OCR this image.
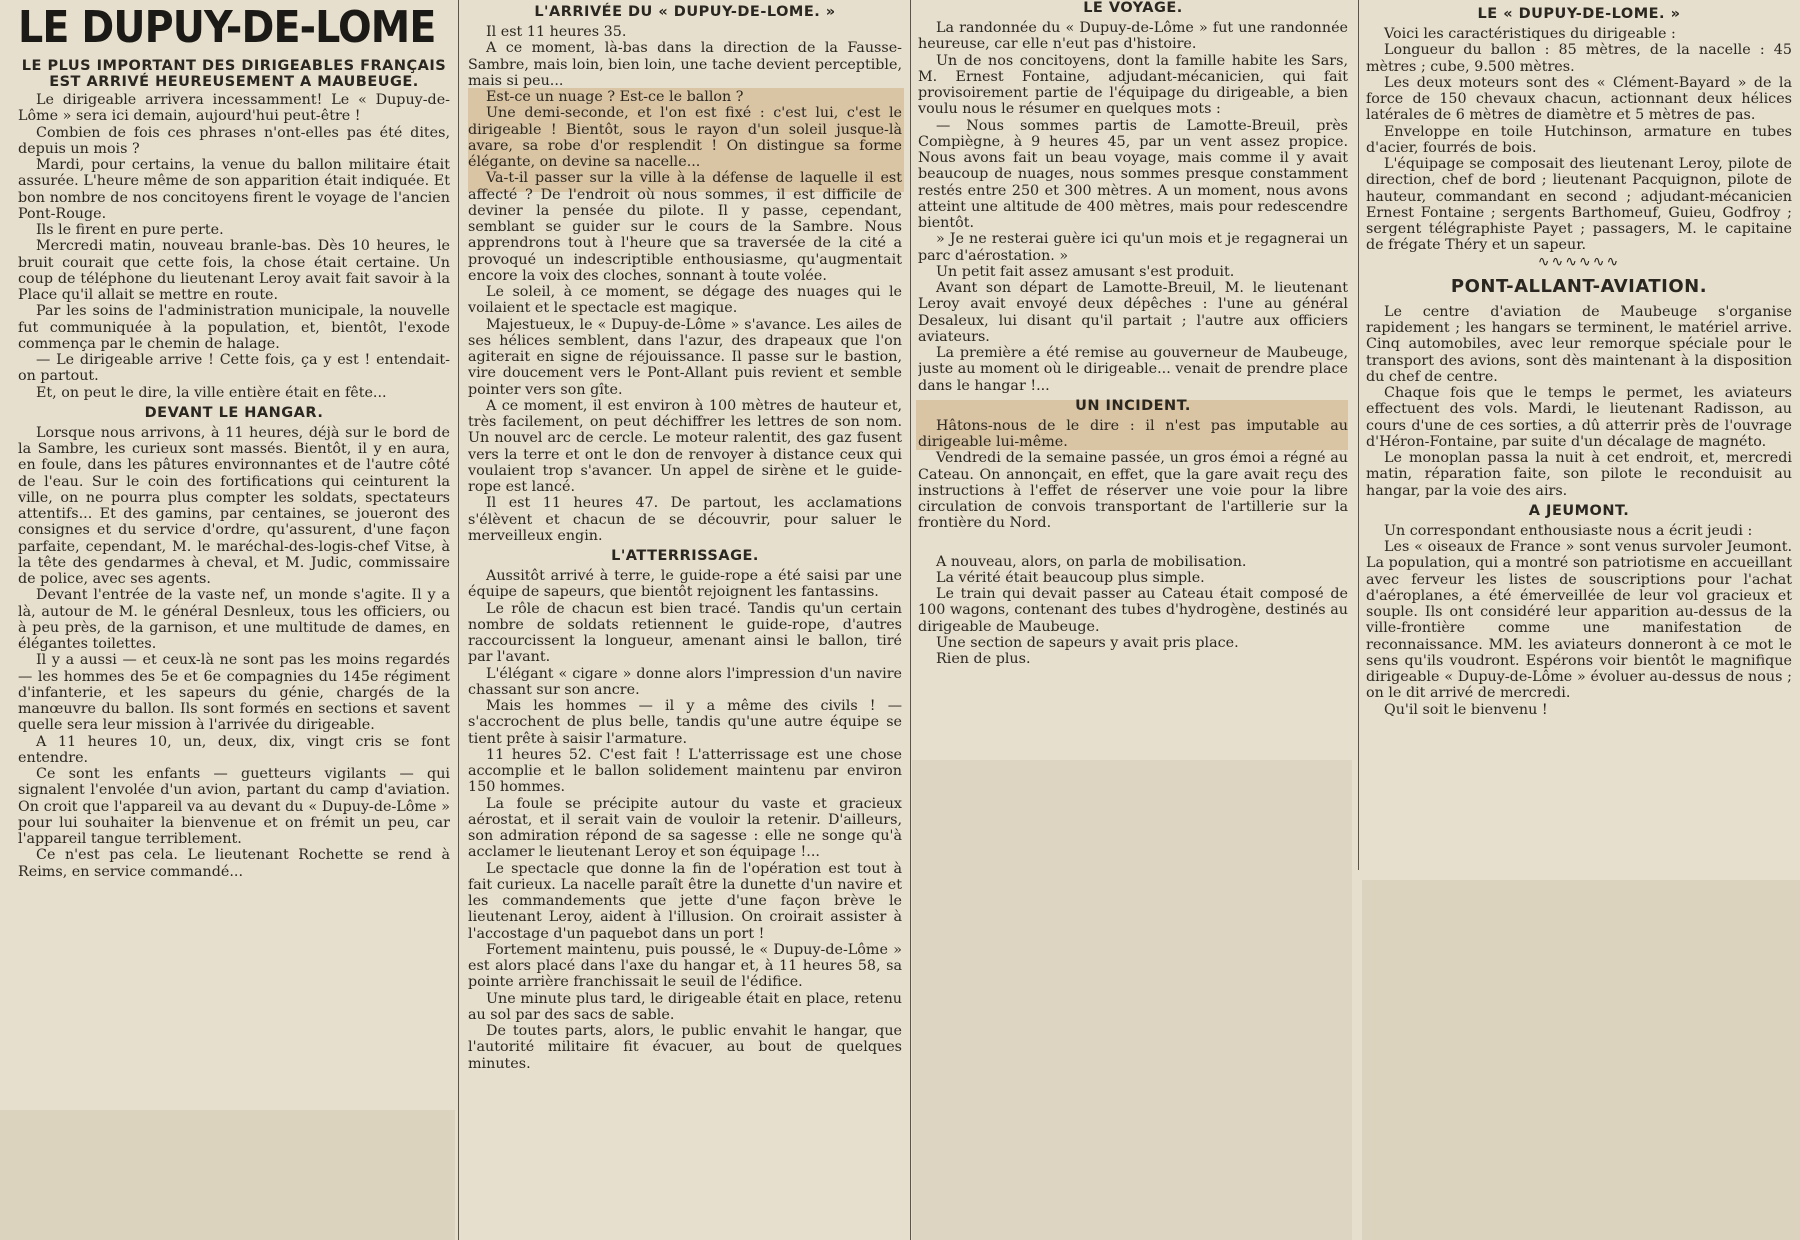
LE DUPUY-DE-LOME
LE PLUS IMPORTANT DES DIRIGEABLES FRANÇAIS EST ARRIVÉ HEUREUSEMENT A MAUBEUGE.

Le dirigeable arrivera incessamment! Le « Dupuy-de-Lôme » sera ici demain, aujourd'hui peut-être !

Combien de fois ces phrases n'ont-elles pas été dites, depuis un mois ?

Mardi, pour certains, la venue du ballon militaire était assurée. L'heure même de son apparition était indiquée. Et bon nombre de nos concitoyens firent le voyage de l'ancien Pont-Rouge.

Ils le firent en pure perte.

Mercredi matin, nouveau branle-bas. Dès 10 heures, le bruit courait que cette fois, la chose était certaine. Un coup de téléphone du lieutenant Leroy avait fait savoir à la Place qu'il allait se mettre en route.

Par les soins de l'administration municipale, la nouvelle fut communiquée à la population, et, bientôt, l'exode commença par le chemin de halage.

— Le dirigeable arrive ! Cette fois, ça y est ! entendait-on partout.

Et, on peut le dire, la ville entière était en fête...

DEVANT LE HANGAR.

Lorsque nous arrivons, à 11 heures, déjà sur le bord de la Sambre, les curieux sont massés. Bientôt, il y en aura, en foule, dans les pâtures environnantes et de l'autre côté de l'eau. Sur le coin des fortifications qui ceinturent la ville, on ne pourra plus compter les soldats, spectateurs attentifs... Et des gamins, par centaines, se joueront des consignes et du service d'ordre, qu'assurent, d'une façon parfaite, cependant, M. le maréchal-des-logis-chef Vitse, à la tête des gendarmes à cheval, et M. Judic, commissaire de police, avec ses agents.

Devant l'entrée de la vaste nef, un monde s'agite. Il y a là, autour de M. le général Desnleux, tous les officiers, ou à peu près, de la garnison, et une multitude de dames, en élégantes toilettes.

Il y a aussi — et ceux-là ne sont pas les moins regardés — les hommes des 5e et 6e compagnies du 145e régiment d'infanterie, et les sapeurs du génie, chargés de la manœuvre du ballon. Ils sont formés en sections et savent quelle sera leur mission à l'arrivée du dirigeable.

A 11 heures 10, un, deux, dix, vingt cris se font entendre.

Ce sont les enfants — guetteurs vigilants — qui signalent l'envolée d'un avion, partant du camp d'aviation. On croit que l'appareil va au devant du « Dupuy-de-Lôme » pour lui souhaiter la bienvenue et on frémit un peu, car l'appareil tangue terriblement.

Ce n'est pas cela. Le lieutenant Rochette se rend à Reims, en service commandé...

L'ARRIVÉE DU « DUPUY-DE-LOME. »

Il est 11 heures 35.

A ce moment, là-bas dans la direction de la Fausse-Sambre, mais loin, bien loin, une tache devient perceptible, mais si peu...

Est-ce un nuage ? Est-ce le ballon ?

Une demi-seconde, et l'on est fixé : c'est lui, c'est le dirigeable ! Bientôt, sous le rayon d'un soleil jusque-là avare, sa robe d'or resplendit ! On distingue sa forme élégante, on devine sa nacelle...

Va-t-il passer sur la ville à la défense de laquelle il est affecté ? De l'endroit où nous sommes, il est difficile de deviner la pensée du pilote. Il y passe, cependant, semblant se guider sur le cours de la Sambre. Nous apprendrons tout à l'heure que sa traversée de la cité a provoqué un indescriptible enthousiasme, qu'augmentait encore la voix des cloches, sonnant à toute volée.

Le soleil, à ce moment, se dégage des nuages qui le voilaient et le spectacle est magique.

Majestueux, le « Dupuy-de-Lôme » s'avance. Les ailes de ses hélices semblent, dans l'azur, des drapeaux que l'on agiterait en signe de réjouissance. Il passe sur le bastion, vire doucement vers le Pont-Allant puis revient et semble pointer vers son gîte.

A ce moment, il est environ à 100 mètres de hauteur et, très facilement, on peut déchiffrer les lettres de son nom. Un nouvel arc de cercle. Le moteur ralentit, des gaz fusent vers la terre et ont le don de renvoyer à distance ceux qui voulaient trop s'avancer. Un appel de sirène et le guide-rope est lancé.

Il est 11 heures 47. De partout, les acclamations s'élèvent et chacun de se découvrir, pour saluer le merveilleux engin.

L'ATTERRISSAGE.

Aussitôt arrivé à terre, le guide-rope a été saisi par une équipe de sapeurs, que bientôt rejoignent les fantassins.

Le rôle de chacun est bien tracé. Tandis qu'un certain nombre de soldats retiennent le guide-rope, d'autres raccourcissent la longueur, amenant ainsi le ballon, tiré par l'avant.

L'élégant « cigare » donne alors l'impression d'un navire chassant sur son ancre.

Mais les hommes — il y a même des civils ! — s'accrochent de plus belle, tandis qu'une autre équipe se tient prête à saisir l'armature.

11 heures 52. C'est fait ! L'atterrissage est une chose accomplie et le ballon solidement maintenu par environ 150 hommes.

La foule se précipite autour du vaste et gracieux aérostat, et il serait vain de vouloir la retenir. D'ailleurs, son admiration répond de sa sagesse : elle ne songe qu'à acclamer le lieutenant Leroy et son équipage !...

Le spectacle que donne la fin de l'opération est tout à fait curieux. La nacelle paraît être la dunette d'un navire et les commandements que jette d'une façon brève le lieutenant Leroy, aident à l'illusion. On croirait assister à l'accostage d'un paquebot dans un port !

Fortement maintenu, puis poussé, le « Dupuy-de-Lôme » est alors placé dans l'axe du hangar et, à 11 heures 58, sa pointe arrière franchissait le seuil de l'édifice.

Une minute plus tard, le dirigeable était en place, retenu au sol par des sacs de sable.

De toutes parts, alors, le public envahit le hangar, que l'autorité militaire fit évacuer, au bout de quelques minutes.

LE VOYAGE.

La randonnée du « Dupuy-de-Lôme » fut une randonnée heureuse, car elle n'eut pas d'histoire.

Un de nos concitoyens, dont la famille habite les Sars, M. Ernest Fontaine, adjudant-mécanicien, qui fait provisoirement partie de l'équipage du dirigeable, a bien voulu nous le résumer en quelques mots :

— Nous sommes partis de Lamotte-Breuil, près Compiègne, à 9 heures 45, par un vent assez propice. Nous avons fait un beau voyage, mais comme il y avait beaucoup de nuages, nous sommes presque constamment restés entre 250 et 300 mètres. A un moment, nous avons atteint une altitude de 400 mètres, mais pour redescendre bientôt.

» Je ne resterai guère ici qu'un mois et je regagnerai un parc d'aérostation. »

Un petit fait assez amusant s'est produit.

Avant son départ de Lamotte-Breuil, M. le lieutenant Leroy avait envoyé deux dépêches : l'une au général Desaleux, lui disant qu'il partait ; l'autre aux officiers aviateurs.

La première a été remise au gouverneur de Maubeuge, juste au moment où le dirigeable... venait de prendre place dans le hangar !...

UN INCIDENT.

Hâtons-nous de le dire : il n'est pas imputable au dirigeable lui-même.

Vendredi de la semaine passée, un gros émoi a régné au Cateau. On annonçait, en effet, que la gare avait reçu des instructions à l'effet de réserver une voie pour la libre circulation de convois transportant de l'artillerie sur la frontière du Nord.

A nouveau, alors, on parla de mobilisation.

La vérité était beaucoup plus simple.

Le train qui devait passer au Cateau était composé de 100 wagons, contenant des tubes d'hydrogène, destinés au dirigeable de Maubeuge.

Une section de sapeurs y avait pris place.

Rien de plus.

LE « DUPUY-DE-LOME. »

Voici les caractéristiques du dirigeable :

Longueur du ballon : 85 mètres, de la nacelle : 45 mètres ; cube, 9.500 mètres.

Les deux moteurs sont des « Clément-Bayard » de la force de 150 chevaux chacun, actionnant deux hélices latérales de 6 mètres de diamètre et 5 mètres de pas.

Enveloppe en toile Hutchinson, armature en tubes d'acier, fourrés de bois.

L'équipage se composait des lieutenant Leroy, pilote de direction, chef de bord ; lieutenant Pacquignon, pilote de hauteur, commandant en second ; adjudant-mécanicien Ernest Fontaine ; sergents Barthomeuf, Guieu, Godfroy ; sergent télégraphiste Payet ; passagers, M. le capitaine de frégate Théry et un sapeur.

∿∿∿∿∿∿
PONT-ALLANT-AVIATION.

Le centre d'aviation de Maubeuge s'organise rapidement ; les hangars se terminent, le matériel arrive. Cinq automobiles, avec leur remorque spéciale pour le transport des avions, sont dès maintenant à la disposition du chef de centre.

Chaque fois que le temps le permet, les aviateurs effectuent des vols. Mardi, le lieutenant Radisson, au cours d'une de ces sorties, a dû atterrir près de l'ouvrage d'Héron-Fontaine, par suite d'un décalage de magnéto.

Le monoplan passa la nuit à cet endroit, et, mercredi matin, réparation faite, son pilote le reconduisit au hangar, par la voie des airs.

A JEUMONT.

Un correspondant enthousiaste nous a écrit jeudi :

Les « oiseaux de France » sont venus survoler Jeumont. La population, qui a montré son patriotisme en accueillant avec ferveur les listes de souscriptions pour l'achat d'aéroplanes, a été émerveillée de leur vol gracieux et souple. Ils ont considéré leur apparition au-dessus de la ville-frontière comme une manifestation de reconnaissance. MM. les aviateurs donneront à ce mot le sens qu'ils voudront. Espérons voir bientôt le magnifique dirigeable « Dupuy-de-Lôme » évoluer au-dessus de nous ; on le dit arrivé de mercredi.

Qu'il soit le bienvenu !
